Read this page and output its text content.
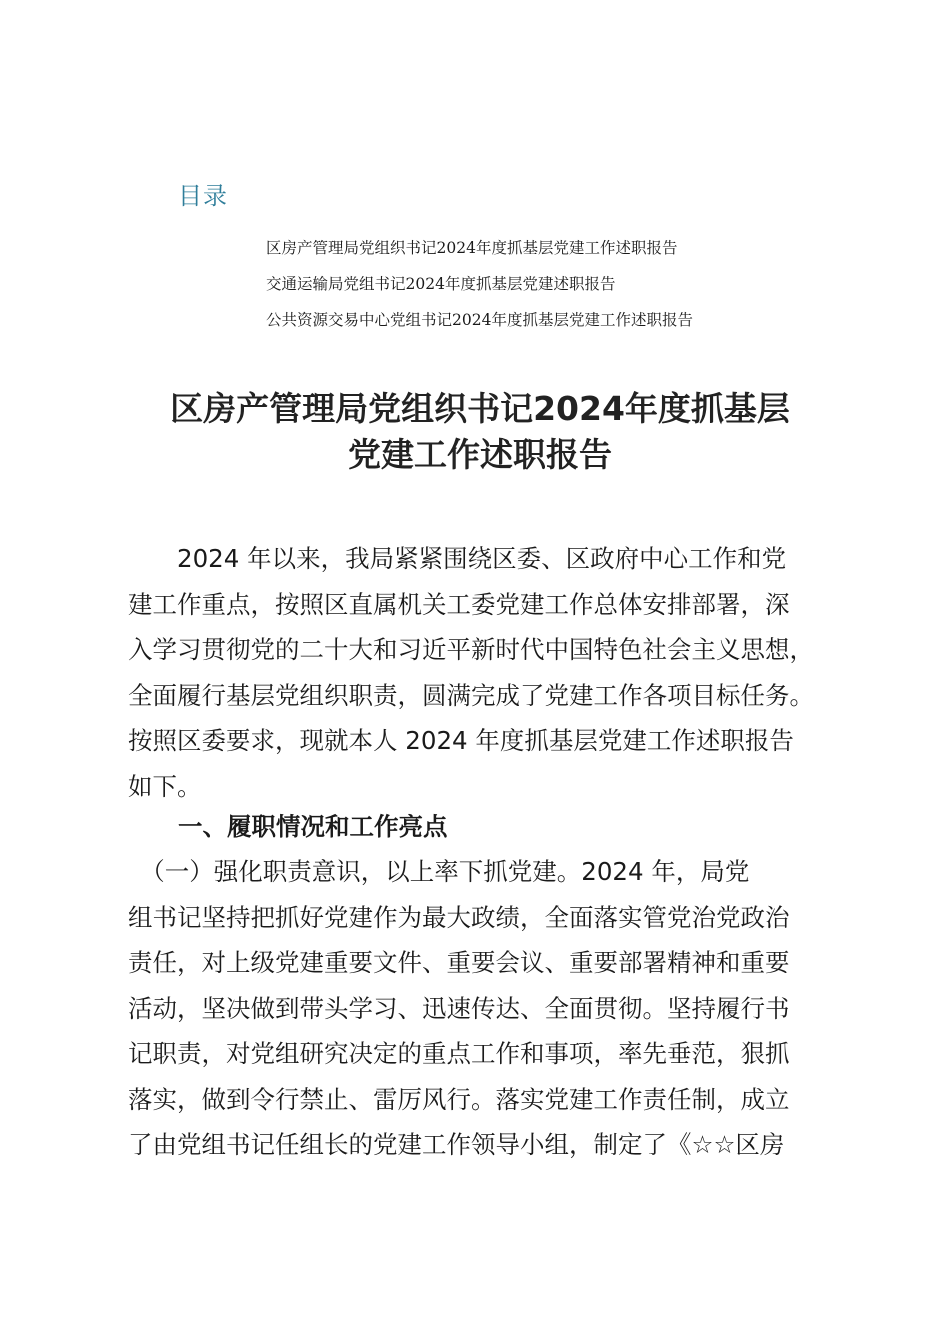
目录
区房产管理局党组织书记2024年度抓基层党建工作述职报告
交通运输局党组书记2024年度抓基层党建述职报告
公共资源交易中心党组书记2024年度抓基层党建工作述职报告
区房产管理局党组织书记2024年度抓基层
党建工作述职报告
　　2024 年以来，我局紧紧围绕区委、区政府中心工作和党
建工作重点，按照区直属机关工委党建工作总体安排部署，深
入学习贯彻党的二十大和习近平新时代中国特色社会主义思想，
全面履行基层党组织职责，圆满完成了党建工作各项目标任务。
按照区委要求，现就本人 2024 年度抓基层党建工作述职报告
如下。
一、履职情况和工作亮点
　（一）强化职责意识，以上率下抓党建。2024 年，局党
组书记坚持把抓好党建作为最大政绩，全面落实管党治党政治
责任，对上级党建重要文件、重要会议、重要部署精神和重要
活动，坚决做到带头学习、迅速传达、全面贯彻。坚持履行书
记职责，对党组研究决定的重点工作和事项，率先垂范，狠抓
落实，做到令行禁止、雷厉风行。落实党建工作责任制，成立
了由党组书记任组长的党建工作领导小组，制定了《☆☆区房
